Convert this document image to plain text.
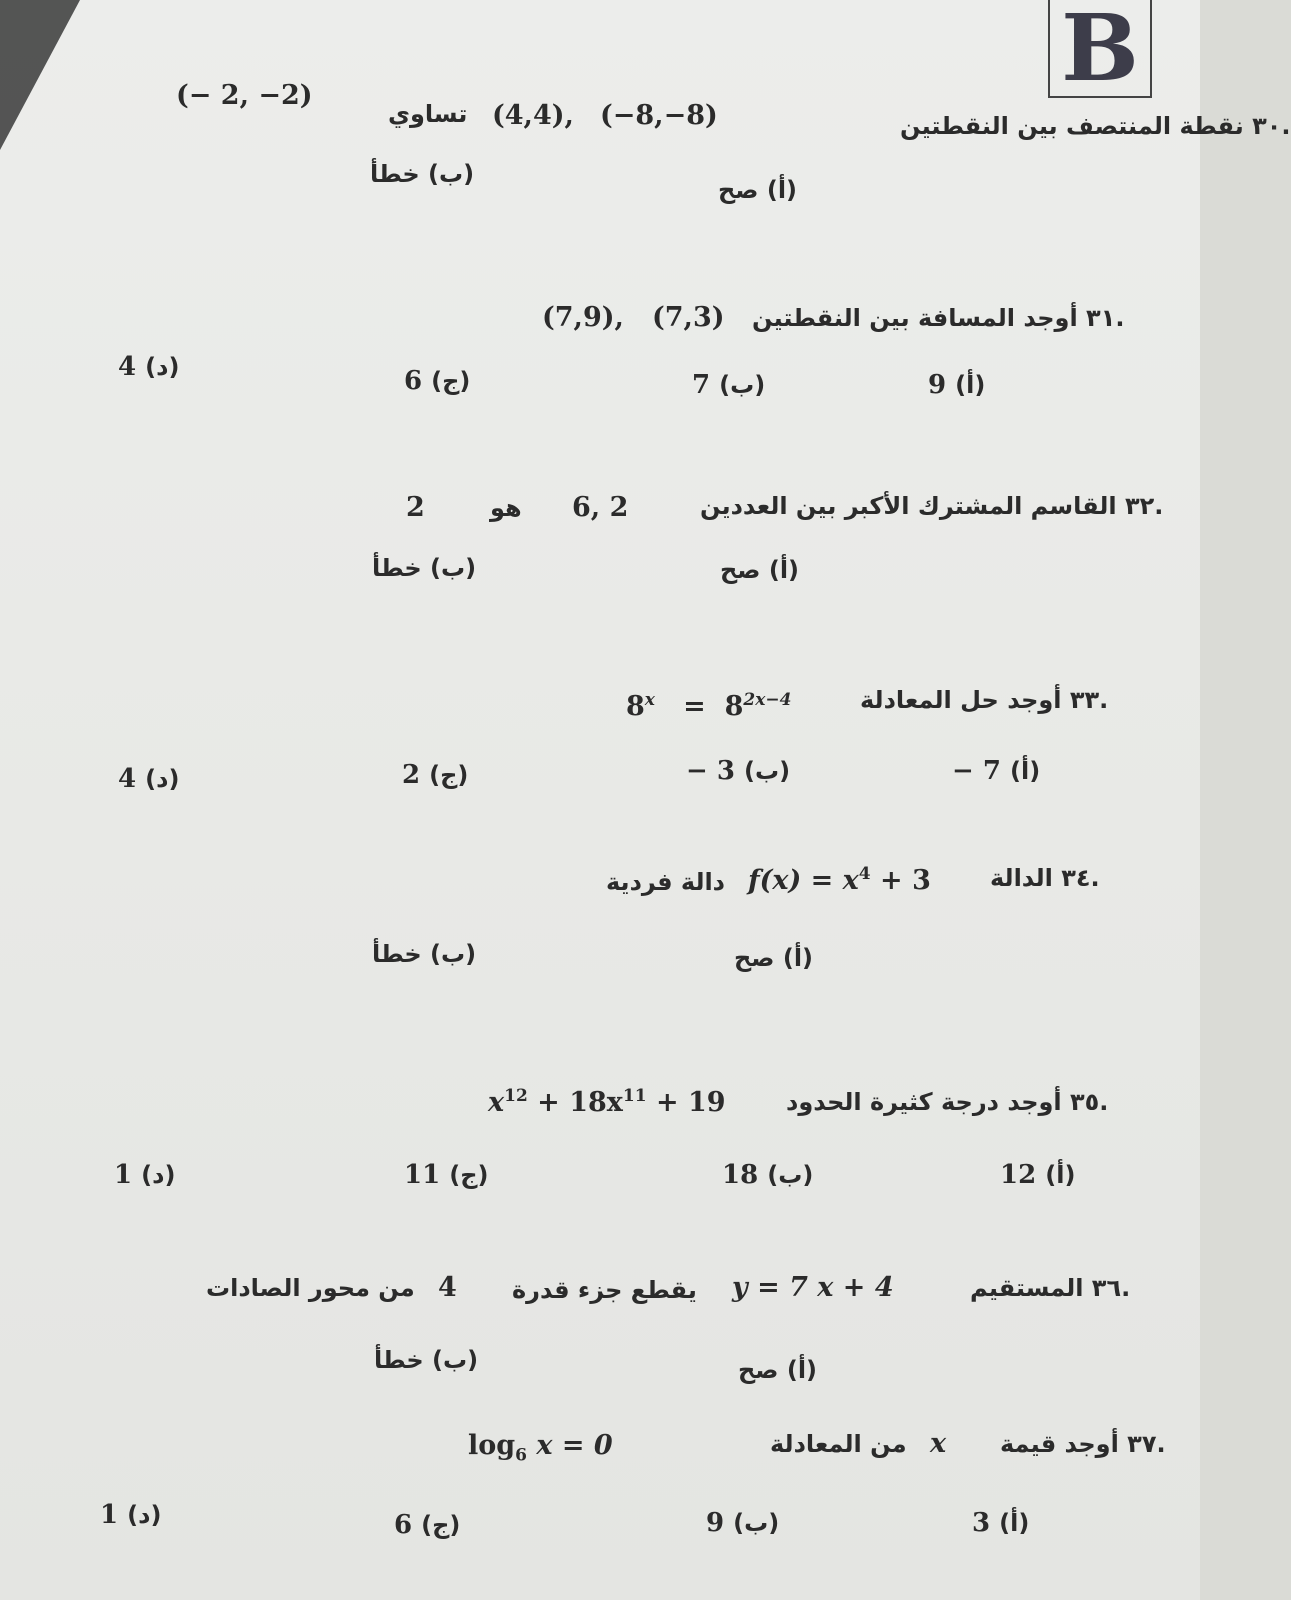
B
.٣٠ نقطة المنتصف بين النقطتين
(−8,−8)
(4,4),
تساوي
(− 2, −2)
(أ) صح
(ب) خطأ
.٣١ أوجد المسافة بين النقطتين
(7,3)
(7,9),
9 (أ)
7 (ب)
6 (ج)
4 (د)
.٣٢ القاسم المشترك الأكبر بين العددين
6, 2
هو
2
(أ) صح
(ب) خطأ
.٣٣ أوجد حل المعادلة
$8^x = 8^{2x-4}$
− 7 (أ)
− 3 (ب)
2 (ج)
4 (د)
.٣٤ الدالة
$f(x) = x^4 + 3$
دالة فردية
(أ) صح
(ب) خطأ
.٣٥ أوجد درجة كثيرة الحدود
$x^{12} + 18x^{11} + 19$
12 (أ)
18 (ب)
11 (ج)
1 (د)
.٣٦ المستقيم
y = 7 x + 4
يقطع جزء قدرة
4
من محور الصادات
(أ) صح
(ب) خطأ
.٣٧ أوجد قيمة
x
من المعادلة
$\log_6 x = 0$
3 (أ)
9 (ب)
6 (ج)
1 (د)
